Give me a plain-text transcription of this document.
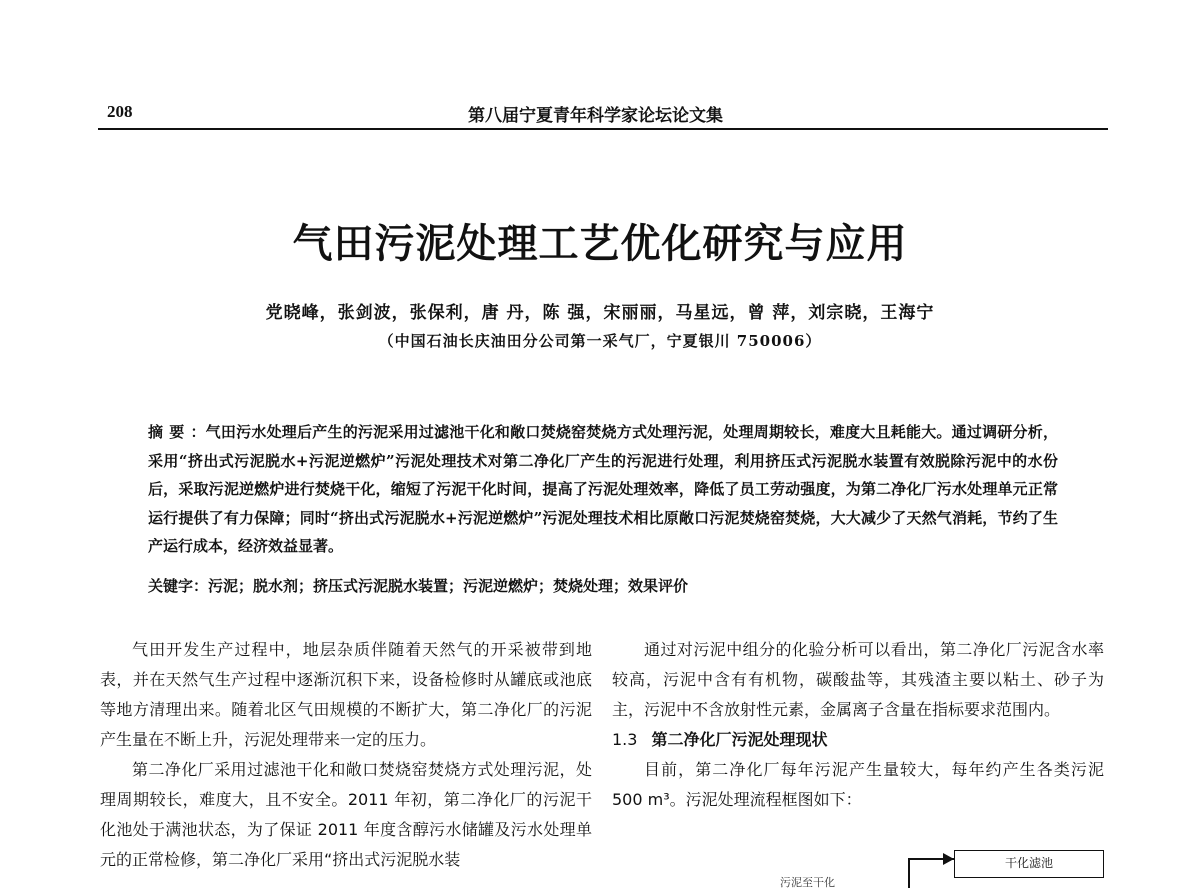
208	第八届宁夏青年科学家论坛论文集
气田污泥处理工艺优化研究与应用
党晓峰，张剑波，张保利，唐 丹，陈 强，宋丽丽，马星远，曾 萍，刘宗晓，王海宁
（中国石油长庆油田分公司第一采气厂，宁夏银川 750006）
摘要：气田污水处理后产生的污泥采用过滤池干化和敞口焚烧窑焚烧方式处理污泥，处理周期较长，难度大且耗能大。通过调研分析，采用“挤出式污泥脱水+污泥逆燃炉”污泥处理技术对第二净化厂产生的污泥进行处理，利用挤压式污泥脱水装置有效脱除污泥中的水份后，采取污泥逆燃炉进行焚烧干化，缩短了污泥干化时间，提高了污泥处理效率，降低了员工劳动强度，为第二净化厂污水处理单元正常运行提供了有力保障；同时“挤出式污泥脱水+污泥逆燃炉”污泥处理技术相比原敞口污泥焚烧窑焚烧，大大减少了天然气消耗，节约了生产运行成本，经济效益显著。
关键字：污泥；脱水剂；挤压式污泥脱水装置；污泥逆燃炉；焚烧处理；效果评价

气田开发生产过程中，地层杂质伴随着天然气的开采被带到地表，并在天然气生产过程中逐渐沉积下来，设备检修时从罐底或池底等地方清理出来。随着北区气田规模的不断扩大，第二净化厂的污泥产生量在不断上升，污泥处理带来一定的压力。

第二净化厂采用过滤池干化和敞口焚烧窑焚烧方式处理污泥，处理周期较长，难度大，且不安全。2011 年初，第二净化厂的污泥干化池处于满池状态，为了保证 2011 年度含醇污水储罐及污水处理单元的正常检修，第二净化厂采用“挤出式污泥脱水装

通过对污泥中组分的化验分析可以看出，第二净化厂污泥含水率较高，污泥中含有有机物，碳酸盐等，其残渣主要以粘土、砂子为主，污泥中不含放射性元素，金属离子含量在指标要求范围内。

1.3 第二净化厂污泥处理现状

目前，第二净化厂每年污泥产生量较大，每年约产生各类污泥 500 m³。污泥处理流程框图如下：

污泥至干化
干化滤池
